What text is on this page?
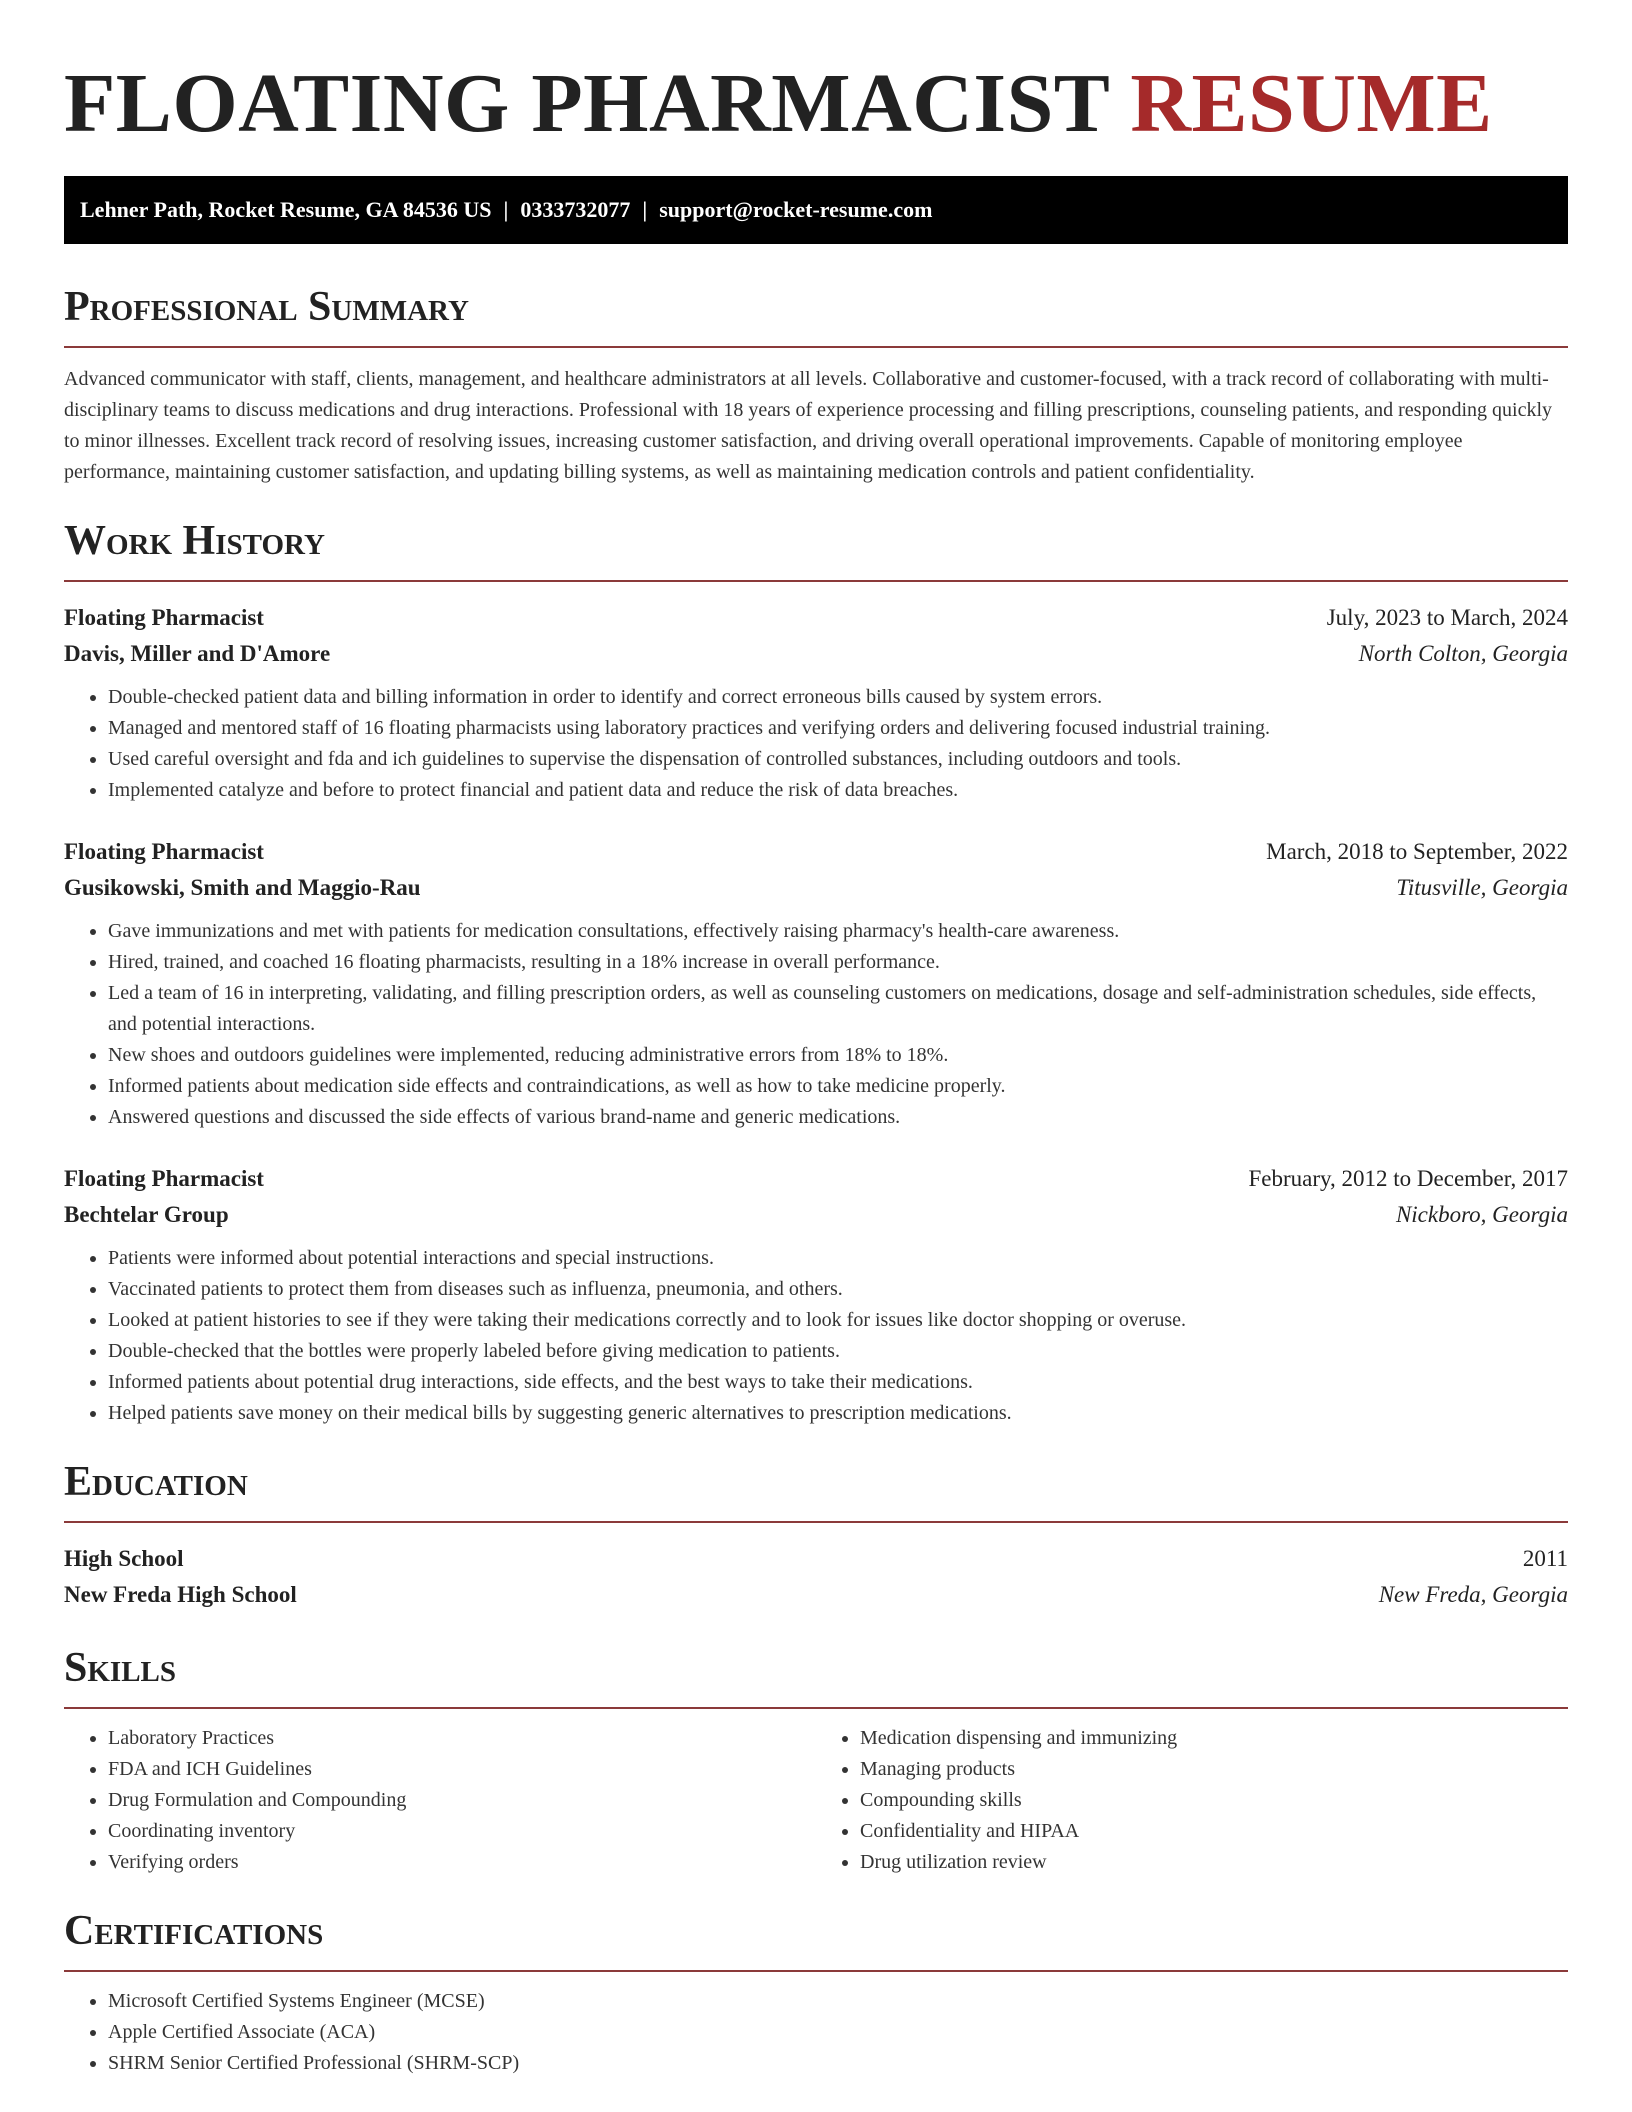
FLOATING PHARMACIST RESUME
Lehner Path, Rocket Resume, GA 84536 US | 0333732077 | support@rocket-resume.com
Professional Summary

Advanced communicator with staff, clients, management, and healthcare administrators at all levels. Collaborative and customer-focused, with a track record of collaborating with multi-disciplinary teams to discuss medications and drug interactions. Professional with 18 years of experience processing and filling prescriptions, counseling patients, and responding quickly to minor illnesses. Excellent track record of resolving issues, increasing customer satisfaction, and driving overall operational improvements. Capable of monitoring employee performance, maintaining customer satisfaction, and updating billing systems, as well as maintaining medication controls and patient confidentiality.

Work History
Floating Pharmacist	July, 2023 to March, 2024
Davis, Miller and D'Amore	North Colton, Georgia
• Double-checked patient data and billing information in order to identify and correct erroneous bills caused by system errors.
• Managed and mentored staff of 16 floating pharmacists using laboratory practices and verifying orders and delivering focused industrial training.
• Used careful oversight and fda and ich guidelines to supervise the dispensation of controlled substances, including outdoors and tools.
• Implemented catalyze and before to protect financial and patient data and reduce the risk of data breaches.
Floating Pharmacist	March, 2018 to September, 2022
Gusikowski, Smith and Maggio-Rau	Titusville, Georgia
• Gave immunizations and met with patients for medication consultations, effectively raising pharmacy's health-care awareness.
• Hired, trained, and coached 16 floating pharmacists, resulting in a 18% increase in overall performance.
• Led a team of 16 in interpreting, validating, and filling prescription orders, as well as counseling customers on medications, dosage and self-administration schedules, side effects, and potential interactions.
• New shoes and outdoors guidelines were implemented, reducing administrative errors from 18% to 18%.
• Informed patients about medication side effects and contraindications, as well as how to take medicine properly.
• Answered questions and discussed the side effects of various brand-name and generic medications.
Floating Pharmacist	February, 2012 to December, 2017
Bechtelar Group	Nickboro, Georgia
• Patients were informed about potential interactions and special instructions.
• Vaccinated patients to protect them from diseases such as influenza, pneumonia, and others.
• Looked at patient histories to see if they were taking their medications correctly and to look for issues like doctor shopping or overuse.
• Double-checked that the bottles were properly labeled before giving medication to patients.
• Informed patients about potential drug interactions, side effects, and the best ways to take their medications.
• Helped patients save money on their medical bills by suggesting generic alternatives to prescription medications.
Education
High School	2011
New Freda High School	New Freda, Georgia
Skills
• Laboratory Practices
• FDA and ICH Guidelines
• Drug Formulation and Compounding
• Coordinating inventory
• Verifying orders
• Medication dispensing and immunizing
• Managing products
• Compounding skills
• Confidentiality and HIPAA
• Drug utilization review
Certifications
• Microsoft Certified Systems Engineer (MCSE)
• Apple Certified Associate (ACA)
• SHRM Senior Certified Professional (SHRM-SCP)
